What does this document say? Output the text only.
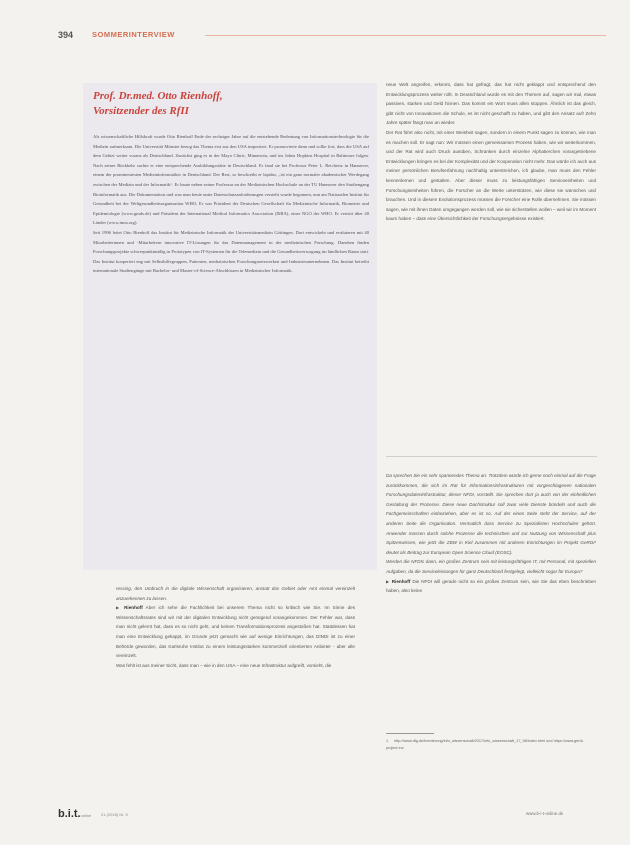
394	SOMMERINTERVIEW
Prof. Dr.med. Otto Rienhoff,
Vorsitzender des RfII

Als wissenschaftliche Hilfskraft wurde Otto Rienhoff Ende der sechziger Jahre auf die entstehende Bedeutung von Informationstechnologie für die Medizin aufmerksam. Die Universität Münster bezog das Thema erst aus den USA importiert. Er promovierte dann und sollte fort, dass die USA auf dem Gebiet weiter voraus als Deutschland. Zunächst ging es in der Mayo Clinic, Minnesota, und ins Johns Hopkins Hospital in Baltimore folgen. Nach seiner Rückkehr suchte er eine entsprechende Ausbildungsstätte in Deutschland. Er fand sie bei Professor Peter L. Reichertz in Hannover, einem der prominentesten Medizininformatiker in Deutschland. Der Rest, so beschreibt er lapidar, „ist ein ganz normaler akademischer Werdegang zwischen der Medizin und der Informatik“. Er baute neben seiner Professur an der Medizinischen Hochschule an der TU Hannover den Studiengang Bioinformatik aus. Die Dokumentation und was man heute unter Datenschutzanforderungen versteht wurde begonnen, nun am Nationalen Institut für Gesundheit bei der Weltgesundheitsorganisation WHO, Er war Präsident der Deutschen Gesellschaft für Medizinische Informatik, Biometrie und Epidemiologie (www.gmds.de) und Präsident der International Medical Informatics Association (IMIA), einer NGO der WHO. Er vertritt über 40 Länder (www.imia.org).

Seit 1996 leitet Otto Rienhoff das Institut für Medizinische Informatik der Universitätsmedizin Göttingen. Dort entwickeln und evaluieren mit 40 Mitarbeiterinnen und -Mitarbeitern innovative IT-Lösungen für das Datenmanagement in der medizinischen Forschung. Daneben finden Forschungsprojekte schwerpunktmäßig in Prototypen von IT-Systemen für die Telemedizin und die Gesundheitsversorgung im ländlichen Raum statt. Das Institut kooperiert eng mit Selbsthilfegruppen, Patienten, medizinischen Forschungsnetzwerken und Industrieunternehmen. Das Institut betreibt internationale Studiengänge mit Bachelor- und Master-of-Science-Abschlüssen in Medizinischer Informatik.

ressing, den Umbruch in die digitale Wissenschaft organisieren, anstatt das Gebiet oder Amt einmal vereinzelt anzuerkennen zu lassen.

▶ Rienhoff Aber ich sehe die Fachlichkeit bei unserem Thema nicht so kritisch wie Sie. Im Sinne des Wissenschaftsrates sind wir mit der digitalen Entwicklung nicht genügend vorangekommen. Der Fehler war, dass man nicht gelernt hat, dass es so nicht geht, und keinen Transformationsprozess angestoßen hat. Stattdessen hat man eine Entwicklung gekappt, im Grunde jetzt gemacht wie auf wenige Einrichtungen, das DINDI ist zu einer Behörde geworden, das Karlsruhe Institut zu einem leistungsstarken kommerziell orientierten Anbieter - aber alle vereinzelt.

Was fehlt ist aus meiner Sicht, dass man – wie in den USA – eine neue Infrastruktur aufgreift, vorsieht, die

neue Welt angreifen, erkennt, dass hat gefragt, das hat nicht geklappt und entsprechend den Entwicklungsprozess weiter rollt. In Deutschland wurde es mit den Themen auf, sagen wir mal, etwas passiven, starken und Geld hinnen. Das kommt ein Wort muss allen stoppen. Ähnlich ist das gleich, gibt nicht von Innovationen die Schule, es ist nicht geschafft zu haben, und gibt den Ansatz auf! Zehn Jahre später fängt man an wieder.

Der Rat führt also nicht, mit einer Weisheit sagen, sondern in einem Punkt sagen zu können, wie man es machen soll. Er sagt nun: Wir müssen einen gemeinsamen Prozess haben, wie wir weiterkommen, und der Rat wird auch Druck ausüben, Schranken durch einzelne Alphatierchen vorangetriebene Entwicklungen bringen es bei der Komplexität und der Kooperation nicht mehr. Das würde ich auch aus meiner persönlichen Berufserfahrung nachhaltig unterstreichen, ich glaube, man muss den Fehler kennenlernen und gestalten. Aber dieser muss zu leistungsfähigen Serviceeinheiten und Forschungseinheiten führen, die Forscher an die Werte unterstützen, wie diese sie wünschen und brauchen. Und in diesem Evolutionsprozess müssen die Forscher eine Rolle übernehmen. Sie müssen sagen, wie mit ihnen Daten umgegangen werden soll, wie sie sicherstellen wollen – weil wir im Moment kaum haben – dass eine Übersichtlichkeit der Forschungsergebnisse existiert.

Da sprechen Sie ein sehr spannendes Thema an. Trotzdem würde ich gerne noch einmal auf die Frage zurückkommen, die sich im Rat für Informationsinfrastrukturen mit vorgeschlagenen nationalen Forschungsdateninfrastruktur, dieser NFDI, vorstellt. Sie sprechen dort ja auch von der einheitlichen Gestaltung der Prozesse. Diese neue Dachstruktur soll zwar viele Dienste bündeln und auch die Fachgemeinschaften einbeziehen, aber es ist so. Auf der einen Seite steht der Service, auf der anderen Seite die Organisation. Vermutlich dass Service zu Spezialisten Hochschulen gehört. Anwender müssen durch solche Prozesse die technischen und zur Nutzung von Wissenschaft plus Spitzenwissen, wie jetzt die ZBW in Kiel zusammen mit anderen Einrichtungen im Projekt GeRDI¹ deutet als Beitrag zur European Open Science Cloud (EOSC).

Werden die NFDIs dann, ein großes Zentrum sein mit leistungsfähigen IT, mit Personal, mit speziellen Aufgaben, da die Serviceleistungen für ganz Deutschland festgelegt, vielleicht sogar für Europa?

▶ Rienhoff Die NFDI will gerade nicht so ein großes Zentrum sein, wie Sie das eben beschrieben haben, also keine

1 http://www.dfg.de/foerderung/info_wissenschaft/2017/info_wissenschaft_17_98/index.html und https://www.gerdi-project.eu/
b.i.t.online 21 (2018) Nr. 5	www.b-i-t-online.de
